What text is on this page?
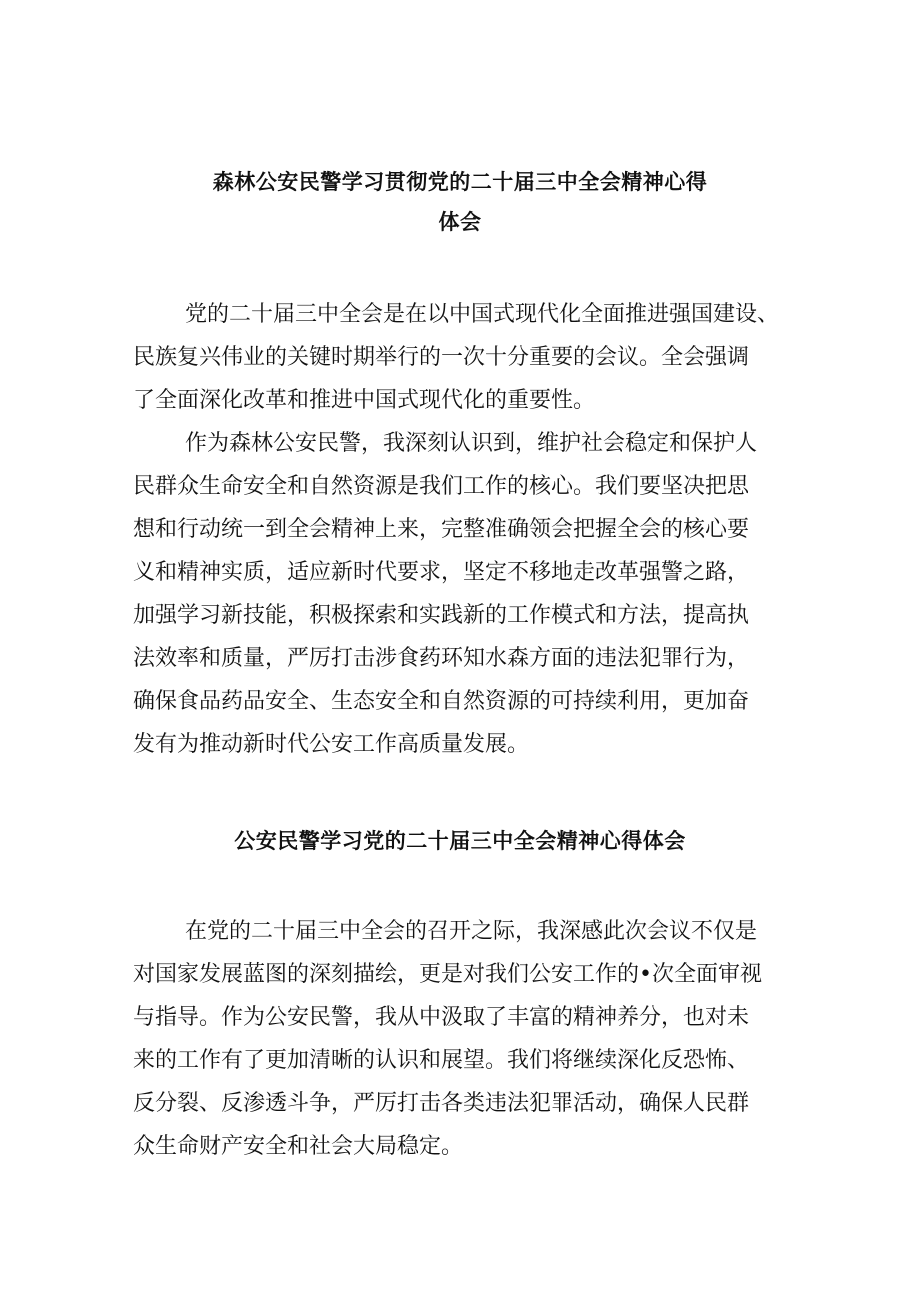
森林公安民警学习贯彻党的二十届三中全会精神心得
体会
党的二十届三中全会是在以中国式现代化全面推进强国建设、
民族复兴伟业的关键时期举行的一次十分重要的会议。全会强调
了全面深化改革和推进中国式现代化的重要性。
作为森林公安民警，我深刻认识到，维护社会稳定和保护人
民群众生命安全和自然资源是我们工作的核心。我们要坚决把思
想和行动统一到全会精神上来，完整准确领会把握全会的核心要
义和精神实质，适应新时代要求，坚定不移地走改革强警之路，
加强学习新技能，积极探索和实践新的工作模式和方法，提高执
法效率和质量，严厉打击涉食药环知水森方面的违法犯罪行为，
确保食品药品安全、生态安全和自然资源的可持续利用，更加奋
发有为推动新时代公安工作高质量发展。
公安民警学习党的二十届三中全会精神心得体会
在党的二十届三中全会的召开之际，我深感此次会议不仅是
对国家发展蓝图的深刻描绘，更是对我们公安工作的•次全面审视
与指导。作为公安民警，我从中汲取了丰富的精神养分，也对未
来的工作有了更加清晰的认识和展望。我们将继续深化反恐怖、
反分裂、反渗透斗争，严厉打击各类违法犯罪活动，确保人民群
众生命财产安全和社会大局稳定。
